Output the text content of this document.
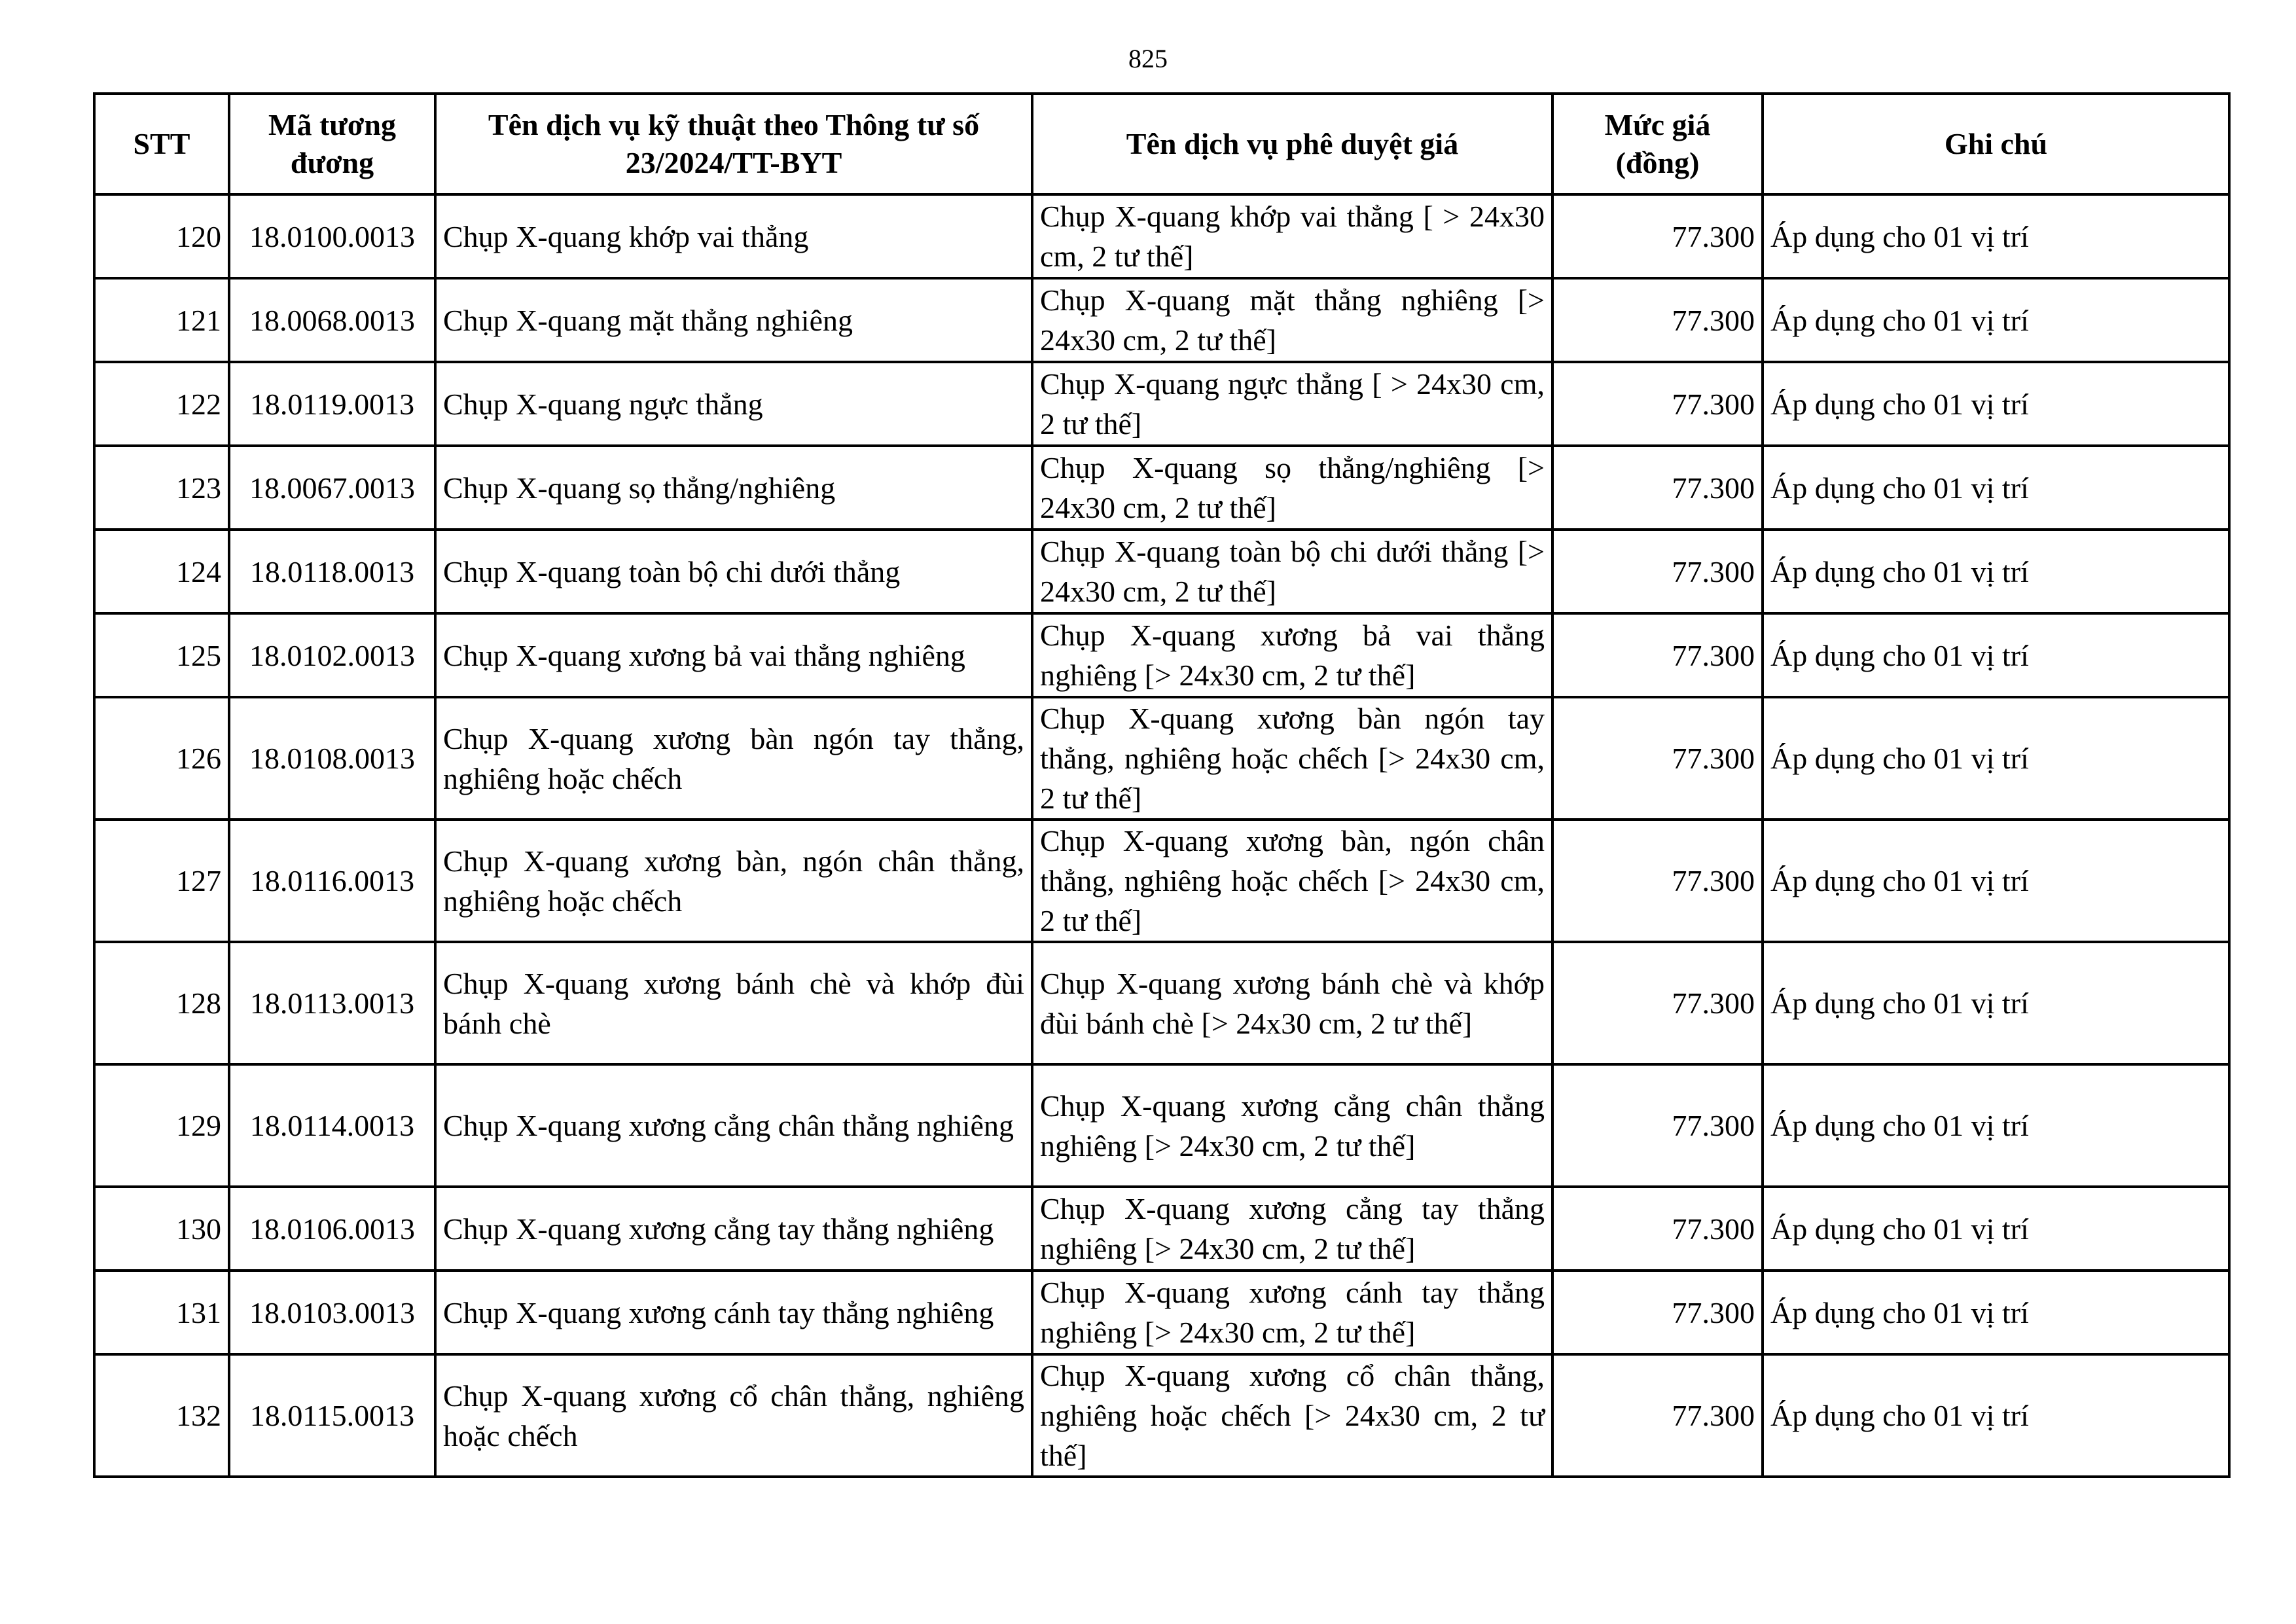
825
STT	Mã tương đương	Tên dịch vụ kỹ thuật theo Thông tư số 23/2024/TT-BYT	Tên dịch vụ phê duyệt giá	Mức giá (đồng)	Ghi chú
120	18.0100.0013	Chụp X-quang khớp vai thẳng	Chụp X-quang khớp vai thẳng [ > 24x30 cm, 2 tư thế]	77.300	Áp dụng cho 01 vị trí
121	18.0068.0013	Chụp X-quang mặt thẳng nghiêng	Chụp X-quang mặt thẳng nghiêng [> 24x30 cm, 2 tư thế]	77.300	Áp dụng cho 01 vị trí
122	18.0119.0013	Chụp X-quang ngực thẳng	Chụp X-quang ngực thẳng [ > 24x30 cm, 2 tư thế]	77.300	Áp dụng cho 01 vị trí
123	18.0067.0013	Chụp X-quang sọ thẳng/nghiêng	Chụp X-quang sọ thẳng/nghiêng [> 24x30 cm, 2 tư thế]	77.300	Áp dụng cho 01 vị trí
124	18.0118.0013	Chụp X-quang toàn bộ chi dưới thẳng	Chụp X-quang toàn bộ chi dưới thẳng [> 24x30 cm, 2 tư thế]	77.300	Áp dụng cho 01 vị trí
125	18.0102.0013	Chụp X-quang xương bả vai thẳng nghiêng	Chụp X-quang xương bả vai thẳng nghiêng [> 24x30 cm, 2 tư thế]	77.300	Áp dụng cho 01 vị trí
126	18.0108.0013	Chụp X-quang xương bàn ngón tay thẳng, nghiêng hoặc chếch	Chụp X-quang xương bàn ngón tay thẳng, nghiêng hoặc chếch [> 24x30 cm, 2 tư thế]	77.300	Áp dụng cho 01 vị trí
127	18.0116.0013	Chụp X-quang xương bàn, ngón chân thẳng, nghiêng hoặc chếch	Chụp X-quang xương bàn, ngón chân thẳng, nghiêng hoặc chếch [> 24x30 cm, 2 tư thế]	77.300	Áp dụng cho 01 vị trí
128	18.0113.0013	Chụp X-quang xương bánh chè và khớp đùi bánh chè	Chụp X-quang xương bánh chè và khớp đùi bánh chè [> 24x30 cm, 2 tư thế]	77.300	Áp dụng cho 01 vị trí
129	18.0114.0013	Chụp X-quang xương cẳng chân thẳng nghiêng	Chụp X-quang xương cẳng chân thẳng nghiêng [> 24x30 cm, 2 tư thế]	77.300	Áp dụng cho 01 vị trí
130	18.0106.0013	Chụp X-quang xương cẳng tay thẳng nghiêng	Chụp X-quang xương cẳng tay thẳng nghiêng [> 24x30 cm, 2 tư thế]	77.300	Áp dụng cho 01 vị trí
131	18.0103.0013	Chụp X-quang xương cánh tay thẳng nghiêng	Chụp X-quang xương cánh tay thẳng nghiêng [> 24x30 cm, 2 tư thế]	77.300	Áp dụng cho 01 vị trí
132	18.0115.0013	Chụp X-quang xương cổ chân thẳng, nghiêng hoặc chếch	Chụp X-quang xương cổ chân thẳng, nghiêng hoặc chếch [> 24x30 cm, 2 tư thế]	77.300	Áp dụng cho 01 vị trí
